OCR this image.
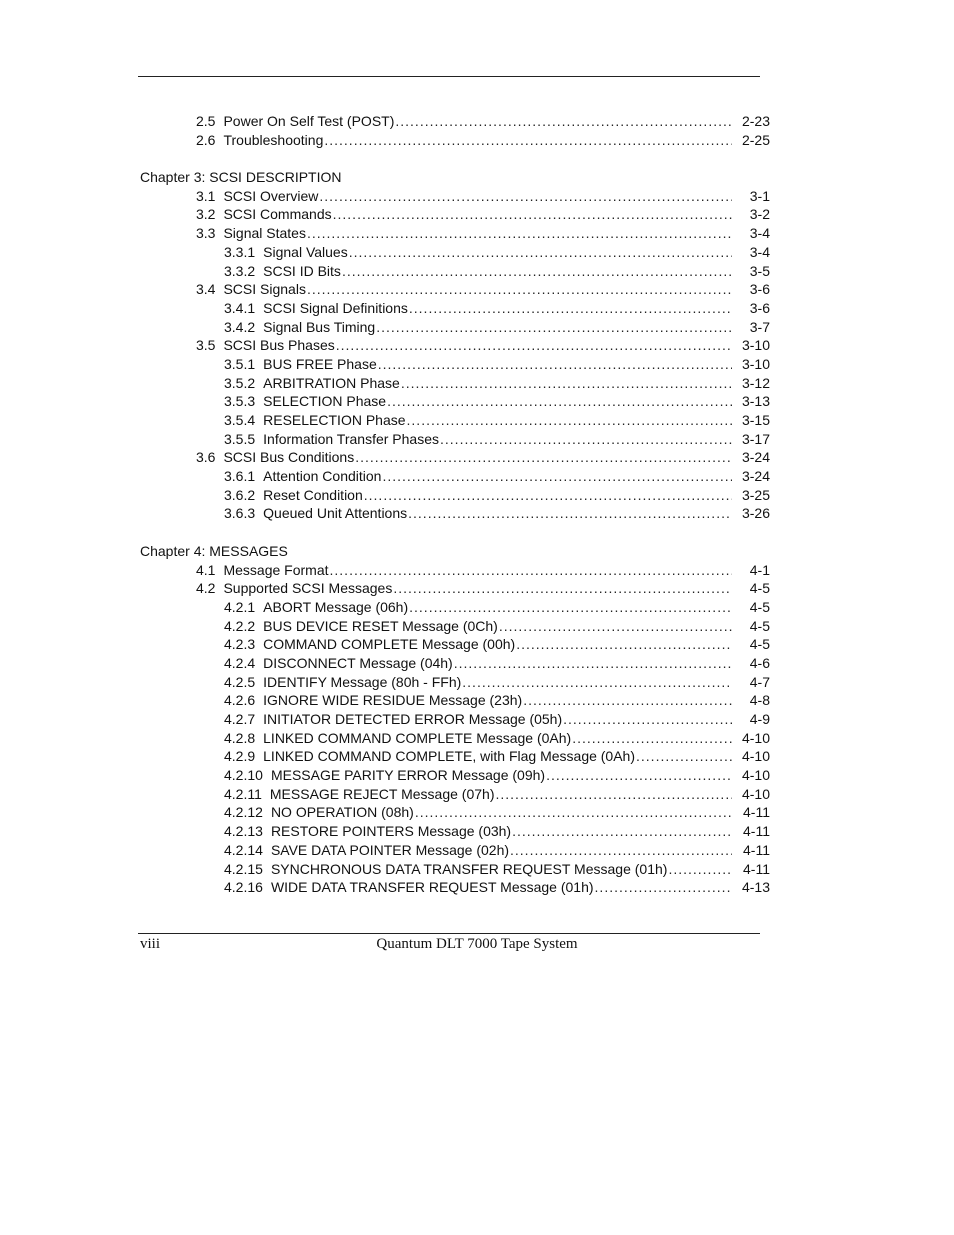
2.5 Power On Self Test (POST) .....	2-23
2.6 Troubleshooting .....	2-25
Chapter 3: SCSI DESCRIPTION
3.1 SCSI Overview .....	3-1
3.2 SCSI Commands .....	3-2
3.3 Signal States .....	3-4
3.3.1 Signal Values .....	3-4
3.3.2 SCSI ID Bits .....	3-5
3.4 SCSI Signals .....	3-6
3.4.1 SCSI Signal Definitions .....	3-6
3.4.2 Signal Bus Timing .....	3-7
3.5 SCSI Bus Phases .....	3-10
3.5.1 BUS FREE Phase .....	3-10
3.5.2 ARBITRATION Phase .....	3-12
3.5.3 SELECTION Phase .....	3-13
3.5.4 RESELECTION Phase .....	3-15
3.5.5 Information Transfer Phases .....	3-17
3.6 SCSI Bus Conditions .....	3-24
3.6.1 Attention Condition .....	3-24
3.6.2 Reset Condition .....	3-25
3.6.3 Queued Unit Attentions .....	3-26
Chapter 4: MESSAGES
4.1 Message Format .....	4-1
4.2 Supported SCSI Messages .....	4-5
4.2.1 ABORT Message (06h) .....	4-5
4.2.2 BUS DEVICE RESET Message (0Ch) .....	4-5
4.2.3 COMMAND COMPLETE Message (00h) .....	4-5
4.2.4 DISCONNECT Message (04h) .....	4-6
4.2.5 IDENTIFY Message (80h - FFh) .....	4-7
4.2.6 IGNORE WIDE RESIDUE Message (23h) .....	4-8
4.2.7 INITIATOR DETECTED ERROR Message (05h) .....	4-9
4.2.8 LINKED COMMAND COMPLETE Message (0Ah) .....	4-10
4.2.9 LINKED COMMAND COMPLETE, with Flag Message (0Ah) .....	4-10
4.2.10 MESSAGE PARITY ERROR Message (09h) .....	4-10
4.2.11 MESSAGE REJECT Message (07h) .....	4-10
4.2.12 NO OPERATION (08h) .....	4-11
4.2.13 RESTORE POINTERS Message (03h) .....	4-11
4.2.14 SAVE DATA POINTER Message (02h) .....	4-11
4.2.15 SYNCHRONOUS DATA TRANSFER REQUEST Message (01h) .....	4-11
4.2.16 WIDE DATA TRANSFER REQUEST Message (01h) .....	4-13
viii	Quantum DLT 7000 Tape System
